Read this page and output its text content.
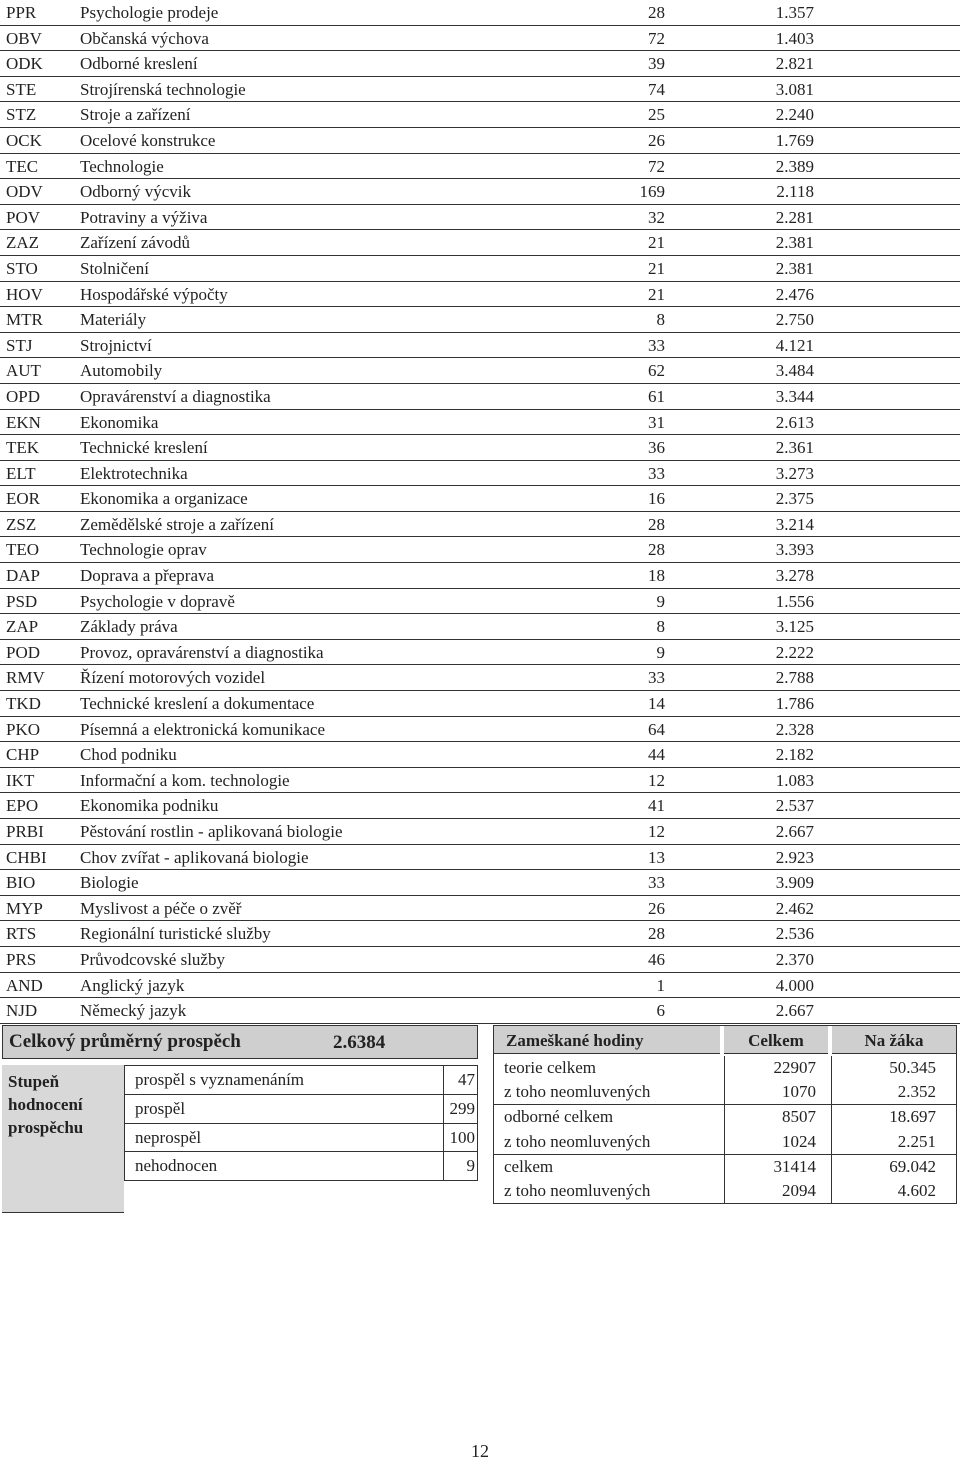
PPR	Psychologie prodeje	28	1.357
OBV Občanská výchova	72	1.403
ODK Odborné kreslení	39	2.821
STE	Strojírenská technologie	74	3.081
STZ	Stroje a zařízení	25	2.240
OCK Ocelové konstrukce	26	1.769
TEC Technologie	72	2.389
ODV Odborný výcvik	169	2.118
POV Potraviny a výživa	32	2.281
ZAZ Zařízení závodů	21	2.381
STO Stolničení	21	2.381
HOV Hospodářské výpočty	21	2.476
MTR Materiály	8	2.750
STJ	Strojnictví	33	4.121
AUT Automobily	62	3.484
OPD Opravárenství a diagnostika	61	3.344
EKN Ekonomika	31	2.613
TEK Technické kreslení	36	2.361
ELT	Elektrotechnika	33	3.273
EOR Ekonomika a organizace	16	2.375
ZSZ	Zemědělské stroje a zařízení	28	3.214
TEO Technologie oprav	28	3.393
DAP Doprava a přeprava	18	3.278
PSD	Psychologie v dopravě	9	1.556
ZAP Základy práva	8	3.125
POD Provoz, opravárenství a diagnostika	9	2.222
RMV Řízení motorových vozidel	33	2.788
TKD Technické kreslení a dokumentace	14	1.786
PKO Písemná a elektronická komunikace	64	2.328
CHP Chod podniku	44	2.182
IKT	Informační a kom. technologie	12	1.083
EPO Ekonomika podniku	41	2.537
PRBI Pěstování rostlin - aplikovaná biologie	12	2.667
CHBI Chov zvířat - aplikovaná biologie	13	2.923
BIO	Biologie	33	3.909
MYP Myslivost a péče o zvěř	26	2.462
RTS	Regionální turistické služby	28	2.536
PRS	Průvodcovské služby	46	2.370
AND Anglický jazyk	1	4.000
NJD	Německý jazyk	6	2.667
Celkový průměrný prospěch	2.6384
Stupeň
hodnocení
prospěchu
prospěl s vyznamenáním	47
prospěl	299
neprospěl	100
nehodnocen	9
Zameškané hodiny	Celkem	Na žáka
teorie celkem	22907	50.345
z toho neomluvených	1070	2.352
odborné celkem	8507	18.697
z toho neomluvených	1024	2.251
celkem	31414	69.042
z toho neomluvených	2094	4.602
12
